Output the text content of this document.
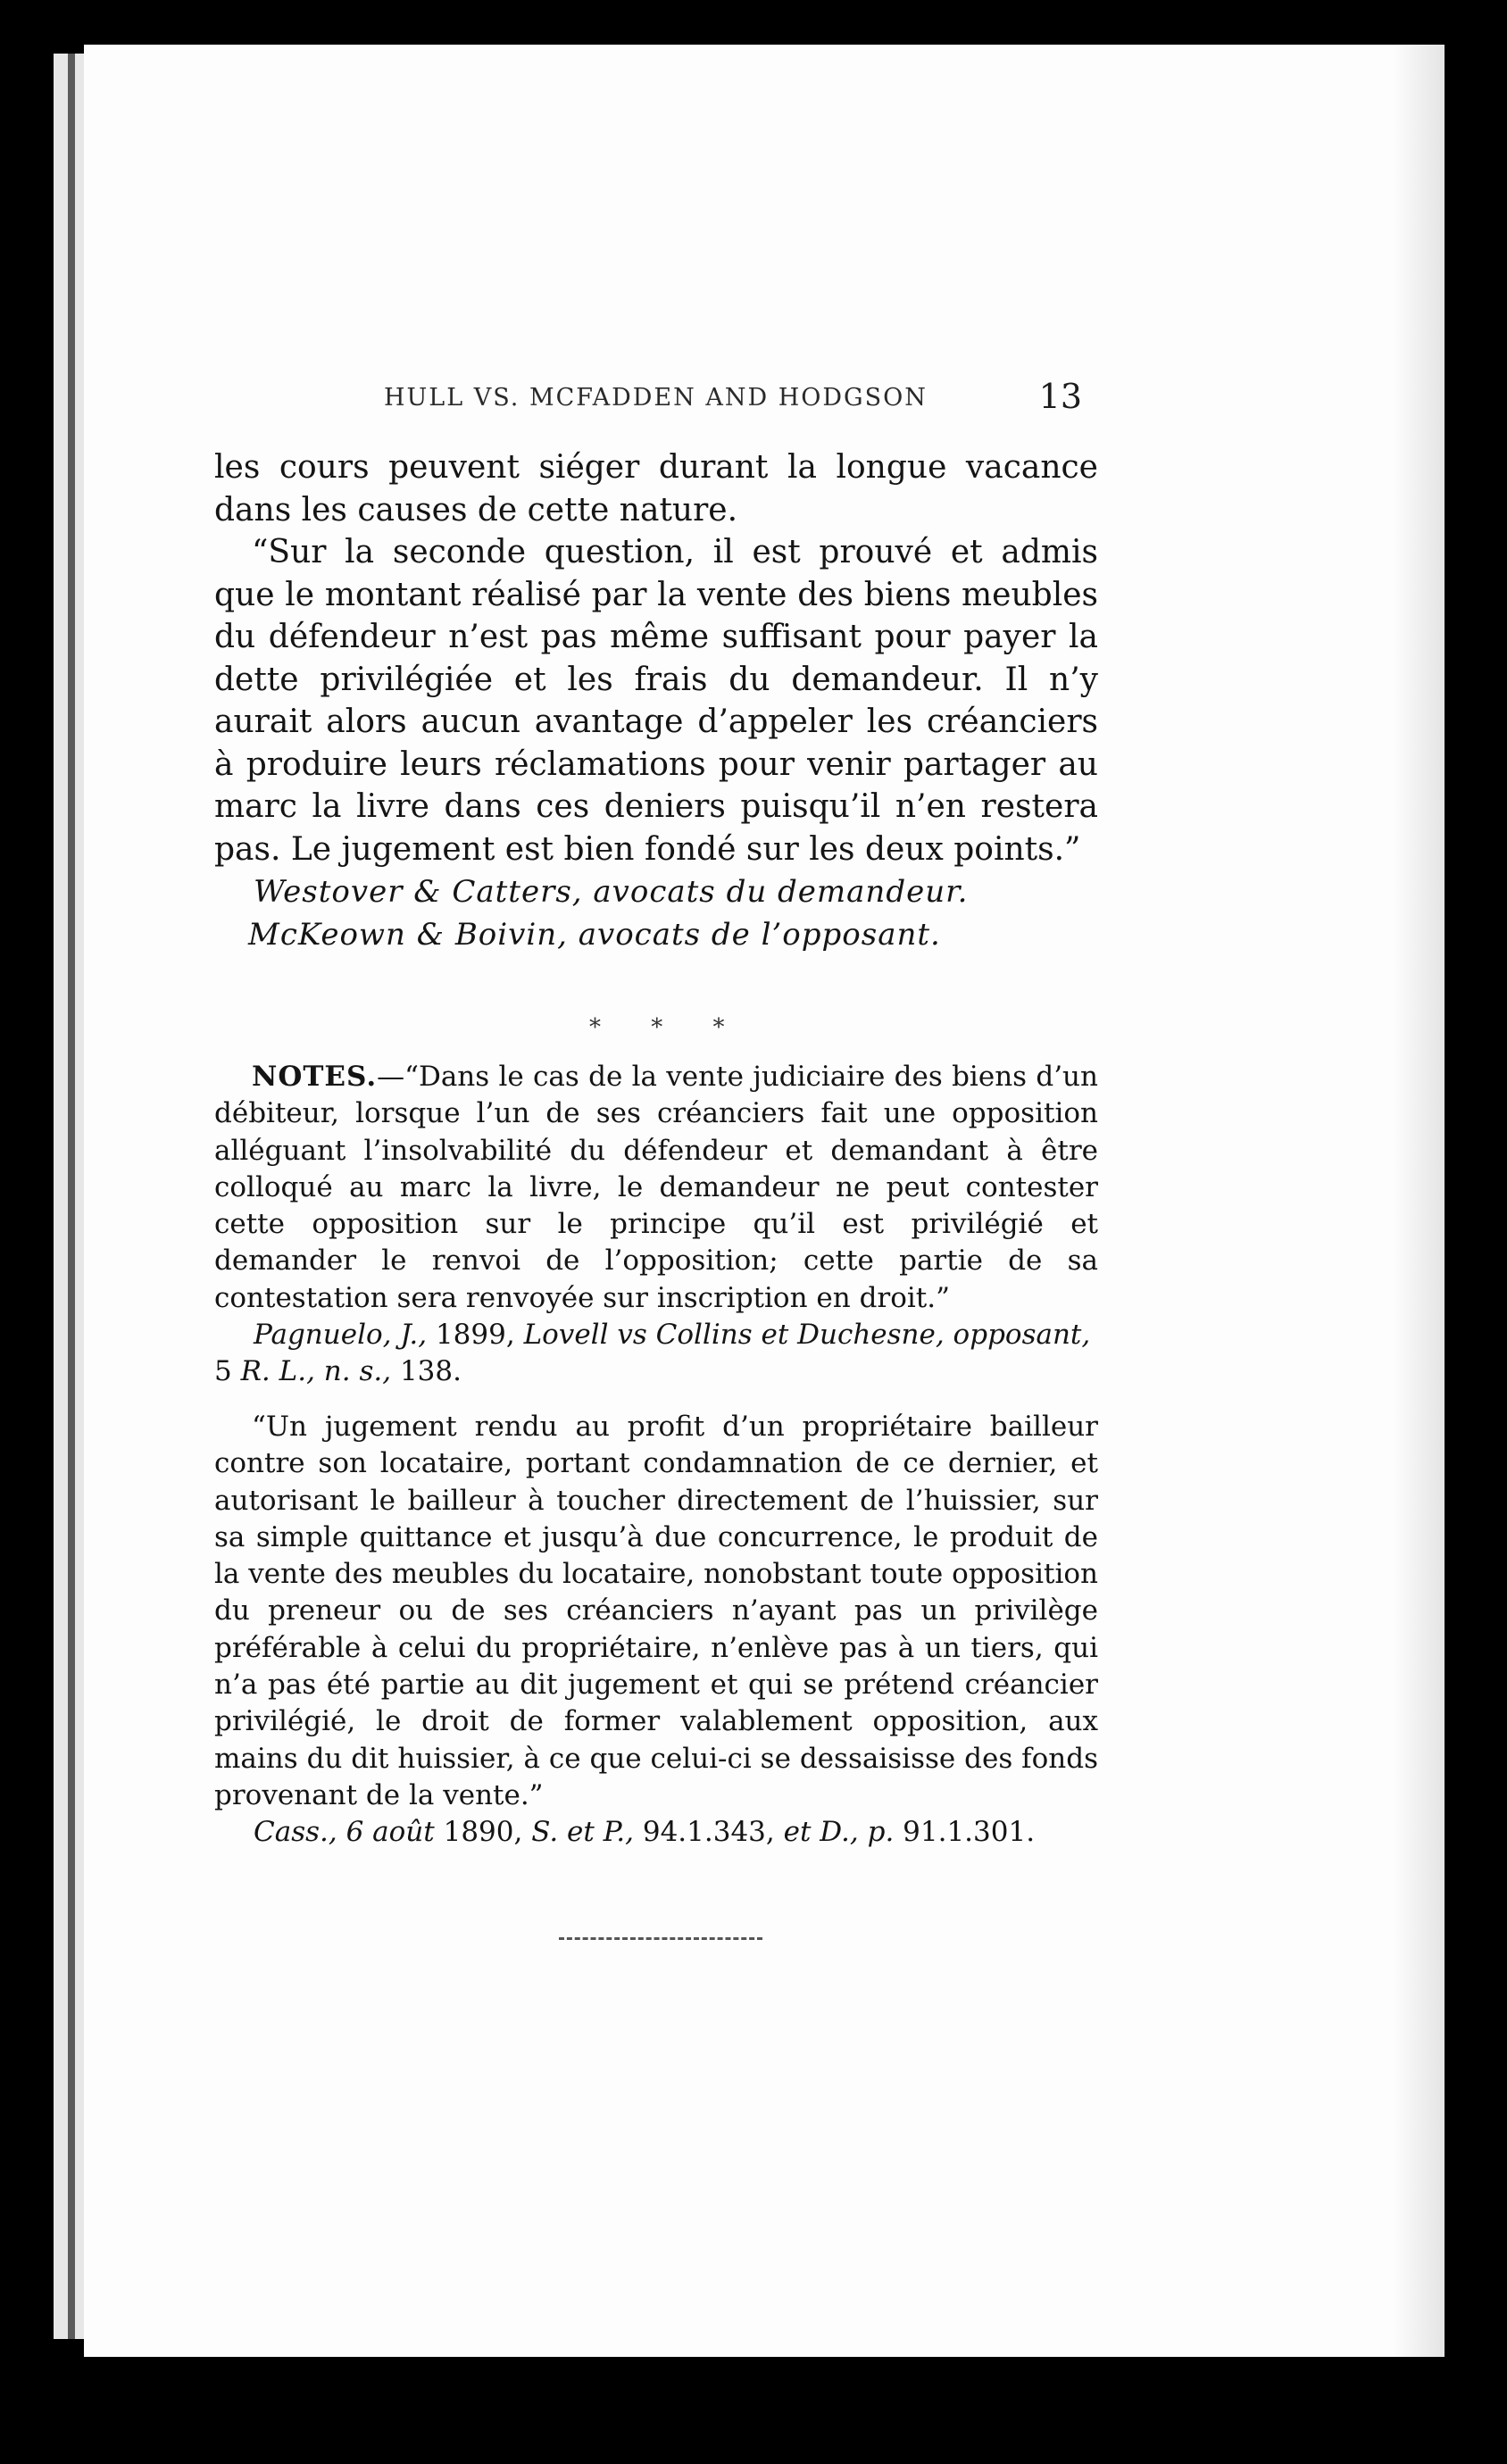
HULL VS. MCFADDEN AND HODGSON	13

les cours peuvent siéger durant la longue vacance dans les causes de cette nature.

“Sur la seconde question, il est prouvé et admis que le montant réalisé par la vente des biens meubles du défendeur n’est pas même suffisant pour payer la dette privilégiée et les frais du demandeur. Il n’y aurait alors aucun avantage d’appeler les créanciers à produire leurs réclamations pour venir partager au marc la livre dans ces deniers puisqu’il n’en restera pas. Le jugement est bien fondé sur les deux points.”

Westover & Catters, avocats du demandeur.

McKeown & Boivin, avocats de l’opposant.

* * *

NOTES.—“Dans le cas de la vente judiciaire des biens d’un débiteur, lorsque l’un de ses créanciers fait une opposition alléguant l’insolvabilité du défendeur et demandant à être colloqué au marc la livre, le demandeur ne peut contester cette opposition sur le principe qu’il est privilégié et demander le renvoi de l’opposition; cette partie de sa contestation sera renvoyée sur inscription en droit.”

Pagnuelo, J., 1899, Lovell vs Collins et Duchesne, opposant,

5 R. L., n. s., 138.

“Un jugement rendu au profit d’un propriétaire bailleur contre son locataire, portant condamnation de ce dernier, et autorisant le bailleur à toucher directement de l’huissier, sur sa simple quittance et jusqu’à due concurrence, le produit de la vente des meubles du locataire, nonobstant toute opposition du preneur ou de ses créanciers n’ayant pas un privilège préférable à celui du propriétaire, n’enlève pas à un tiers, qui n’a pas été partie au dit jugement et qui se prétend créancier privilégié, le droit de former valablement opposition, aux mains du dit huissier, à ce que celui-ci se dessaisisse des fonds provenant de la vente.”

Cass., 6 août 1890, S. et P., 94.1.343, et D., p. 91.1.301.
